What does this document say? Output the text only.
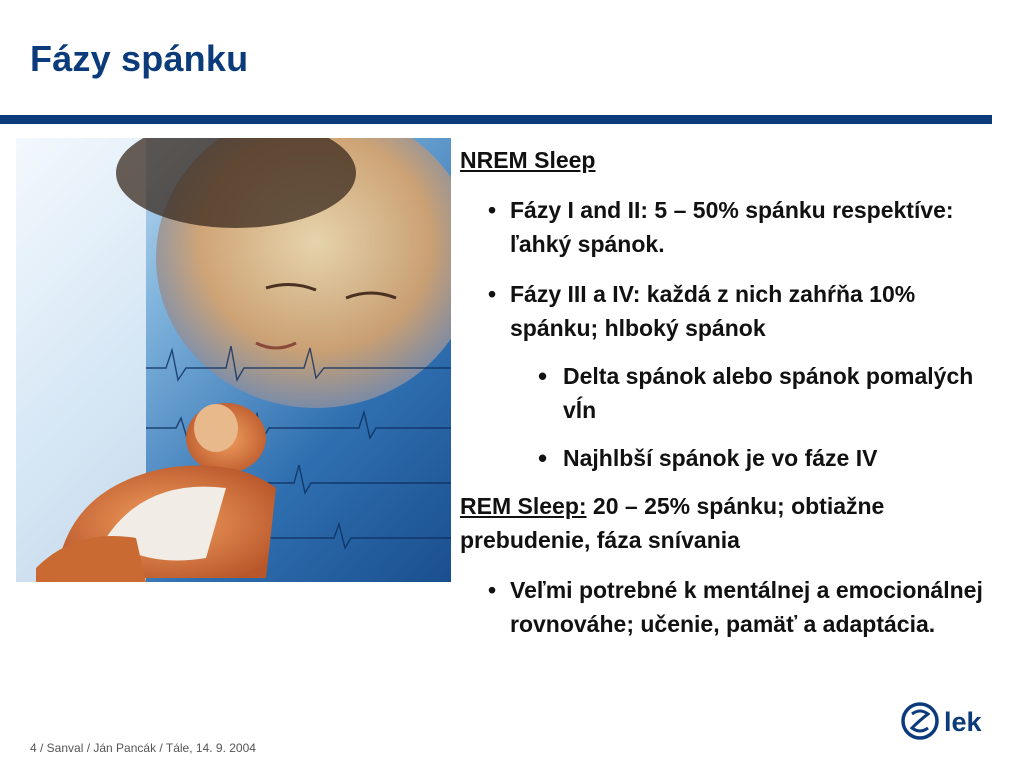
Fázy spánku

NREM Sleep

• Fázy I and II: 5 – 50% spánku respektíve: ľahký spánok.
• Fázy III a IV: každá z nich zahŕňa 10% spánku; hlboký spánok
• Delta spánok alebo spánok pomalých vĺn
• Najhlbší spánok je vo fáze IV

REM Sleep: 20 – 25% spánku; obtiažne prebudenie, fáza snívania

• Veľmi potrebné k mentálnej a emocionálnej rovnováhe; učenie, pamäť a adaptácia.
4 / Sanval / Ján Pancák / Tále, 14. 9. 2004
lek
